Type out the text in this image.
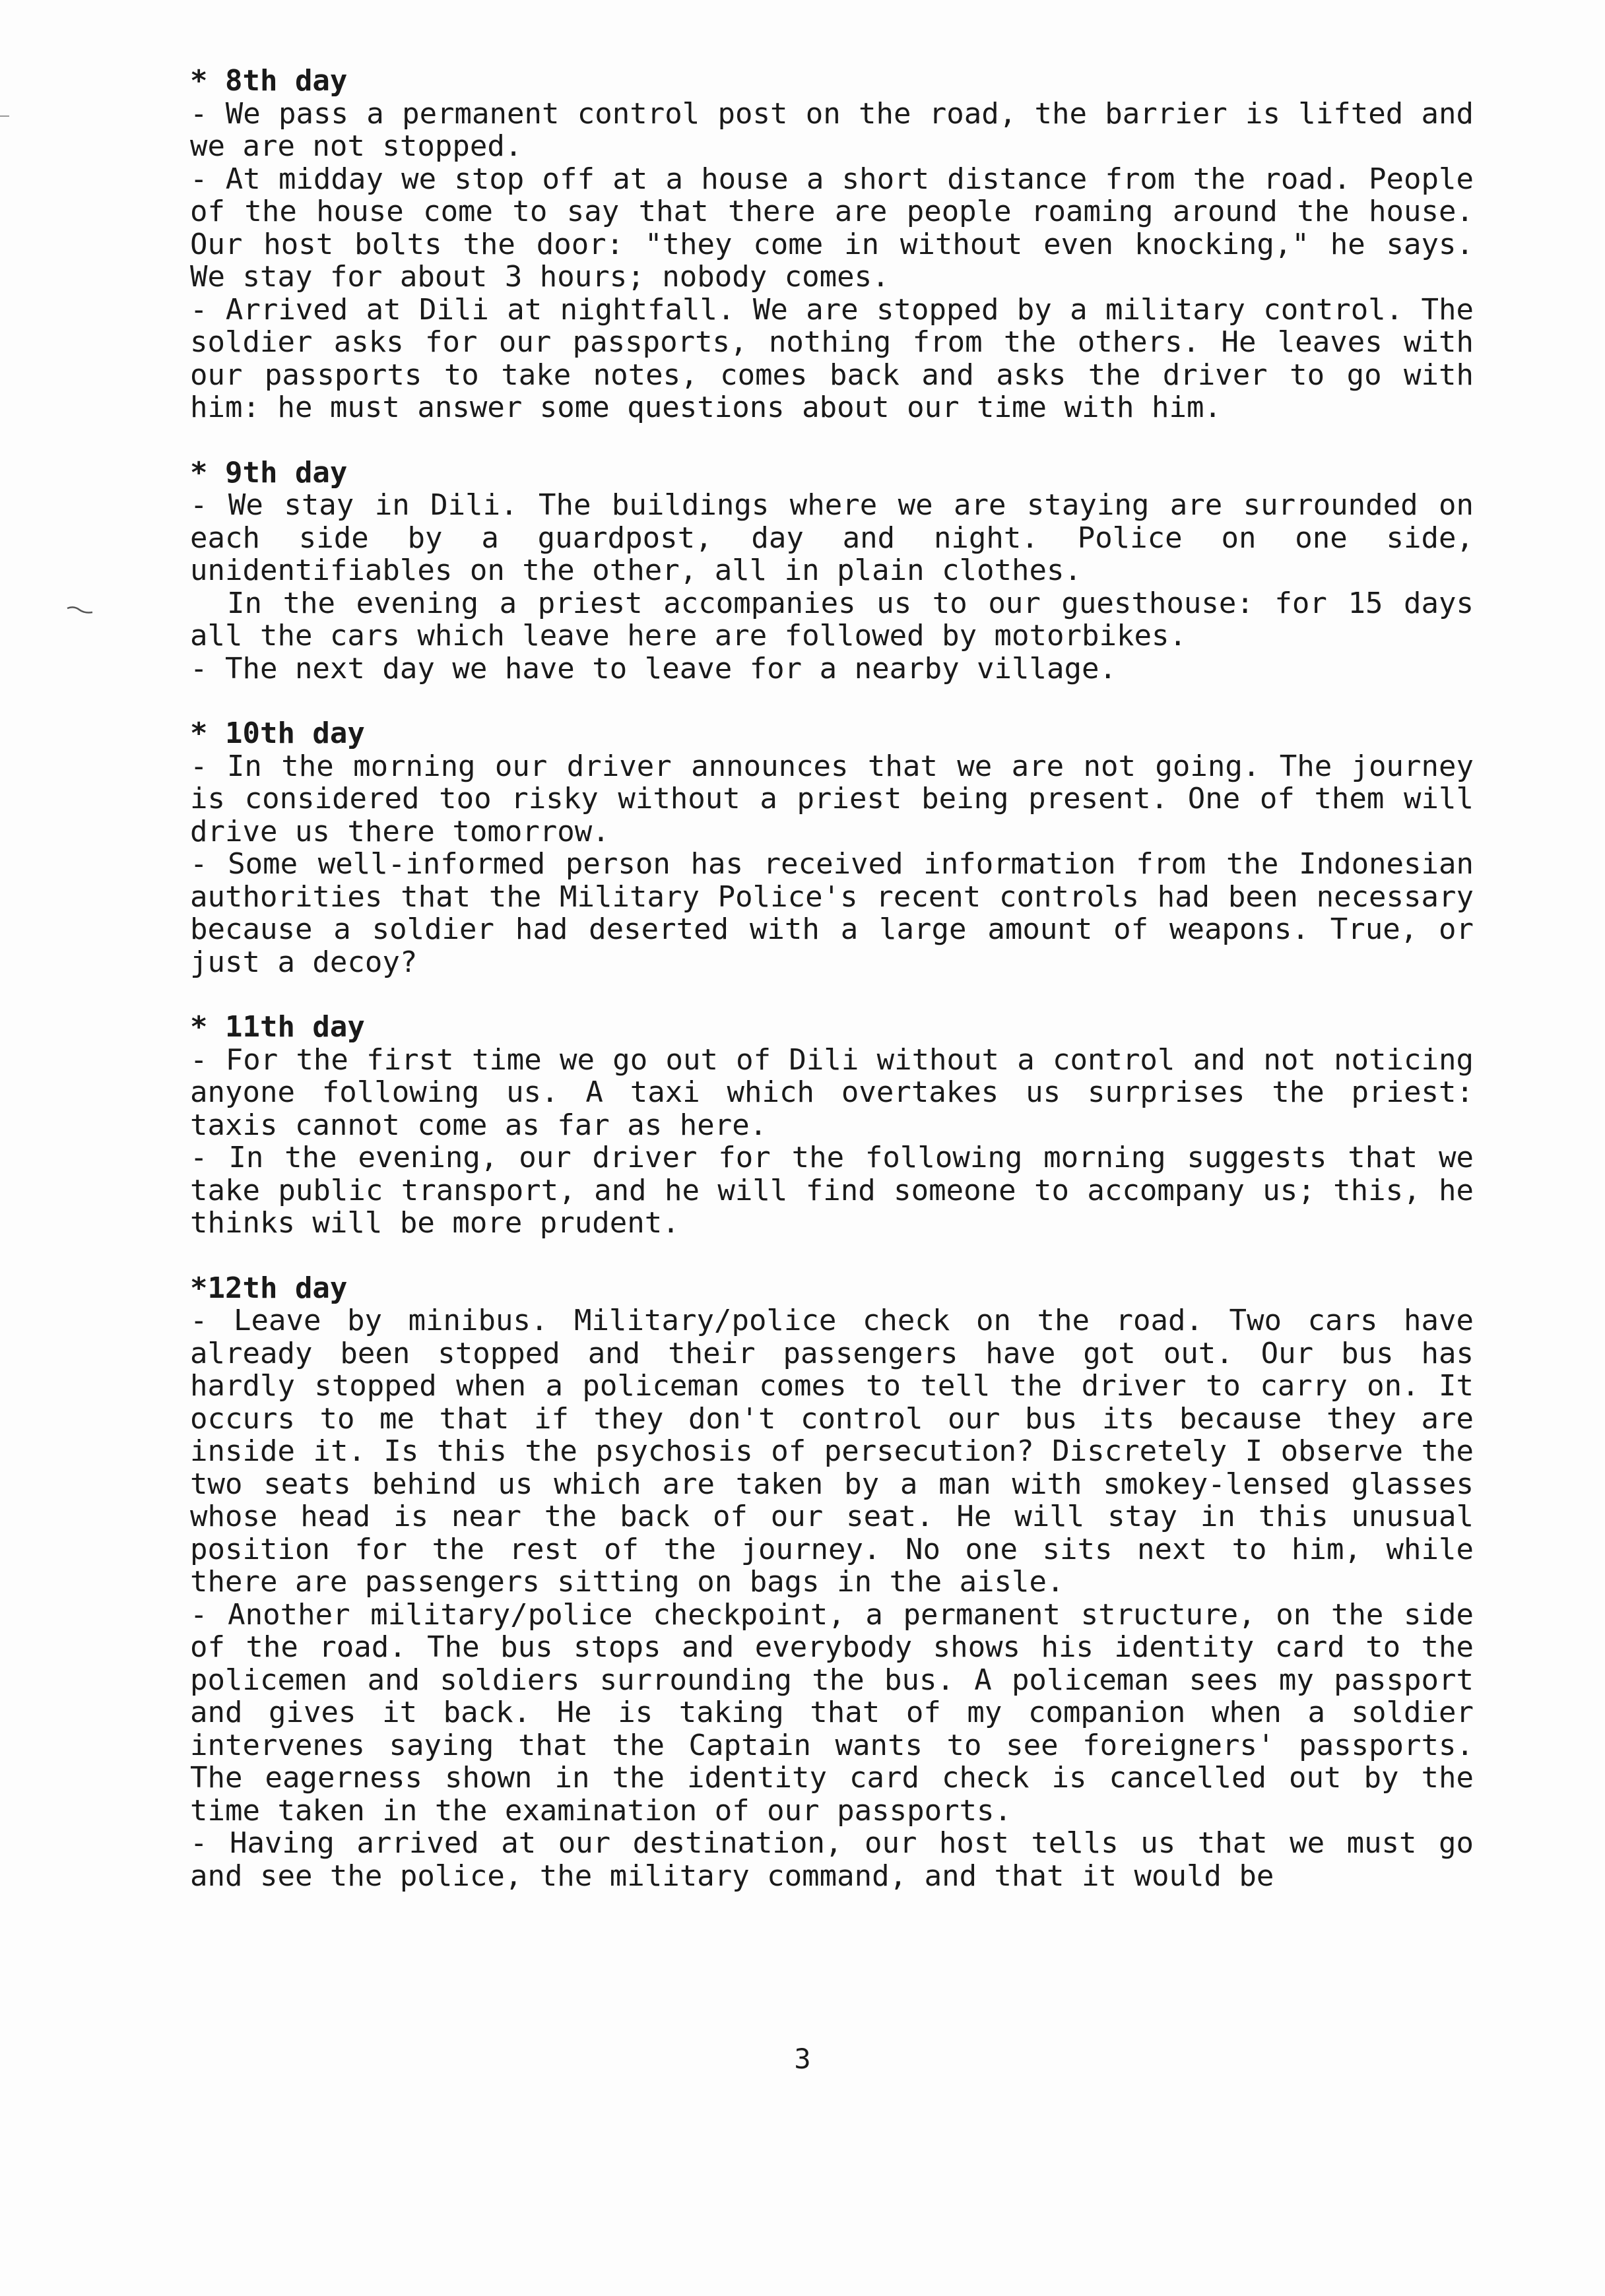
* 8th day

- We pass a permanent control post on the road, the barrier is lifted and we are not stopped.

- At midday we stop off at a house a short distance from the road. People of the house come to say that there are people roaming around the house. Our host bolts the door: "they come in without even knocking," he says. We stay for about 3 hours; nobody comes.

- Arrived at Dili at nightfall. We are stopped by a military control. The soldier asks for our passports, nothing from the others. He leaves with our passports to take notes, comes back and asks the driver to go with him: he must answer some questions about our time with him.

* 9th day

- We stay in Dili. The buildings where we are staying are surrounded on each side by a guardpost, day and night. Police on one side, unidentifiables on the other, all in plain clothes.

In the evening a priest accompanies us to our guesthouse: for 15 days all the cars which leave here are followed by motorbikes.

- The next day we have to leave for a nearby village.

* 10th day

- In the morning our driver announces that we are not going. The journey is considered too risky without a priest being present. One of them will drive us there tomorrow.

- Some well-informed person has received information from the Indonesian authorities that the Military Police's recent controls had been necessary because a soldier had deserted with a large amount of weapons. True, or just a decoy?

* 11th day

- For the first time we go out of Dili without a control and not noticing anyone following us. A taxi which overtakes us surprises the priest: taxis cannot come as far as here.

- In the evening, our driver for the following morning suggests that we take public transport, and he will find someone to accompany us; this, he thinks will be more prudent.

*12th day

- Leave by minibus. Military/police check on the road. Two cars have already been stopped and their passengers have got out. Our bus has hardly stopped when a policeman comes to tell the driver to carry on. It occurs to me that if they don't control our bus its because they are inside it. Is this the psychosis of persecution? Discretely I observe the two seats behind us which are taken by a man with smokey-lensed glasses whose head is near the back of our seat. He will stay in this unusual position for the rest of the journey. No one sits next to him, while there are passengers sitting on bags in the aisle.

- Another military/police checkpoint, a permanent structure, on the side of the road. The bus stops and everybody shows his identity card to the policemen and soldiers surrounding the bus. A policeman sees my passport and gives it back. He is taking that of my companion when a soldier intervenes saying that the Captain wants to see foreigners' passports. The eagerness shown in the identity card check is cancelled out by the time taken in the examination of our passports.

- Having arrived at our destination, our host tells us that we must go and see the police, the military command, and that it would be

3
